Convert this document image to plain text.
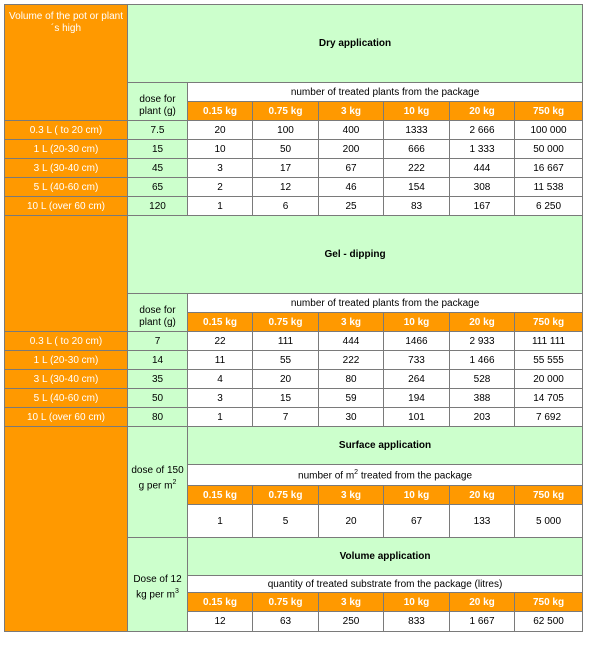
Volume of the pot or plant´s high	Dry application						
	dose for plant (g)	number of treated plants from the package					
		0.15 kg	0.75 kg	3 kg	10 kg	20 kg	750 kg
0.3 L ( to 20 cm)	7.5	20	100	400	1333	2 666	100 000
1 L (20-30 cm)	15	10	50	200	666	1 333	50 000
3 L (30-40 cm)	45	3	17	67	222	444	16 667
5 L (40-60 cm)	65	2	12	46	154	308	11 538
10 L (over 60 cm)	120	1	6	25	83	167	6 250
	Gel - dipping						
	dose for plant (g)	number of treated plants from the package					
		0.15 kg	0.75 kg	3 kg	10 kg	20 kg	750 kg
0.3 L ( to 20 cm)	7	22	111	444	1466	2 933	111 111
1 L (20-30 cm)	14	11	55	222	733	1 466	55 555
3 L (30-40 cm)	35	4	20	80	264	528	20 000
5 L (40-60 cm)	50	3	15	59	194	388	14 705
10 L (over 60 cm)	80	1	7	30	101	203	7 692
	dose of 150 g per $m^2$	Surface application					
		number of $m^2$ treated from the package					
		0.15 kg	0.75 kg	3 kg	10 kg	20 kg	750 kg
		1	5	20	67	133	5 000
	Dose of 12 kg per $m^3$	Volume application					
		quantity of treated substrate from the package (litres)					
		0.15 kg	0.75 kg	3 kg	10 kg	20 kg	750 kg
		12	63	250	833	1 667	62 500
